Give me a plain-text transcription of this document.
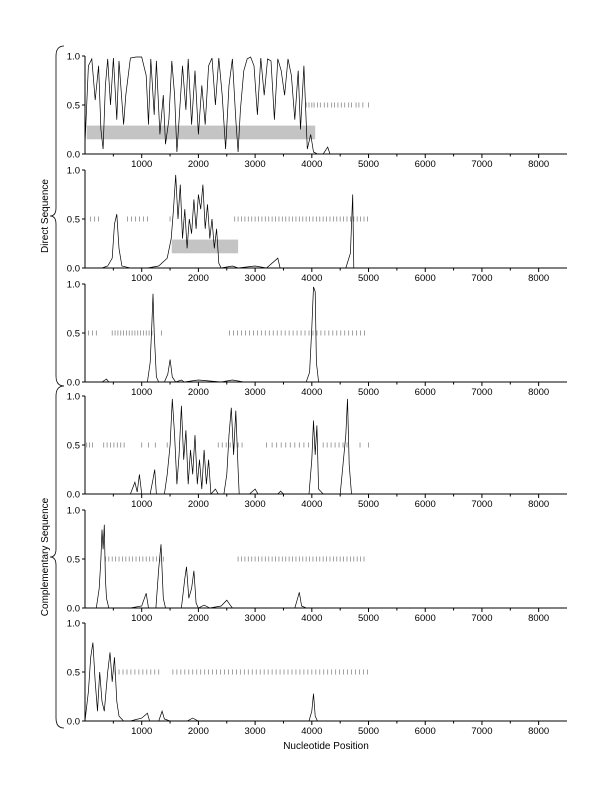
0.0
0.5
1.0
1000	2000	3000	4000	5000	6000	7000	8000
0.0
0.5
1.0
1000	2000	3000	4000	5000	6000	7000	8000
0.0
0.5
1.0
1000	2000	3000	4000	5000	6000	7000	8000
0.0
0.5
1.0
1000	2000	3000	4000	5000	6000	7000	8000
0.0
0.5
1.0
1000	2000	3000	4000	5000	6000	7000	8000
0.0
0.5
1.0
1000	2000	3000	4000	5000	6000	7000	8000
Direct Sequence
Complementary Sequence
Nucleotide Position
